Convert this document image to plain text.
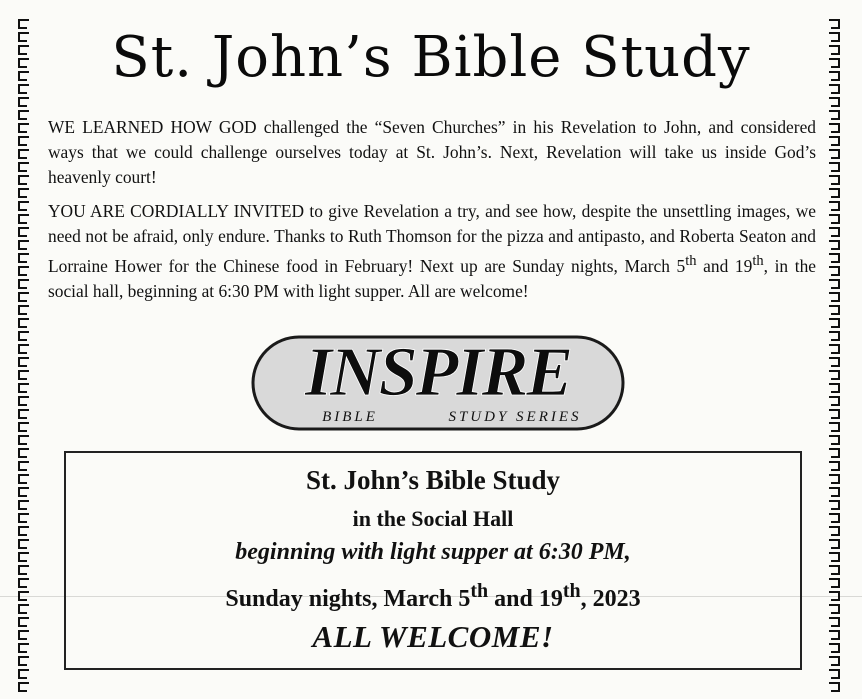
St. John’s Bible Study

WE LEARNED HOW GOD challenged the “Seven Churches” in his Revelation to John, and considered ways that we could challenge ourselves today at St. John’s. Next, Revelation will take us inside God’s heavenly court!

YOU ARE CORDIALLY INVITED to give Revelation a try, and see how, despite the unsettling images, we need not be afraid, only endure. Thanks to Ruth Thomson for the pizza and antipasto, and Roberta Seaton and Lorraine Hower for the Chinese food in February! Next up are Sunday nights, March 5th and 19th, in the social hall, beginning at 6:30 PM with light supper. All are welcome!

INSPIRE
BIBLE	STUDY SERIES
St. John’s Bible Study
in the Social Hall
beginning with light supper at 6:30 PM,
Sunday nights, March 5th and 19th, 2023
ALL WELCOME!
